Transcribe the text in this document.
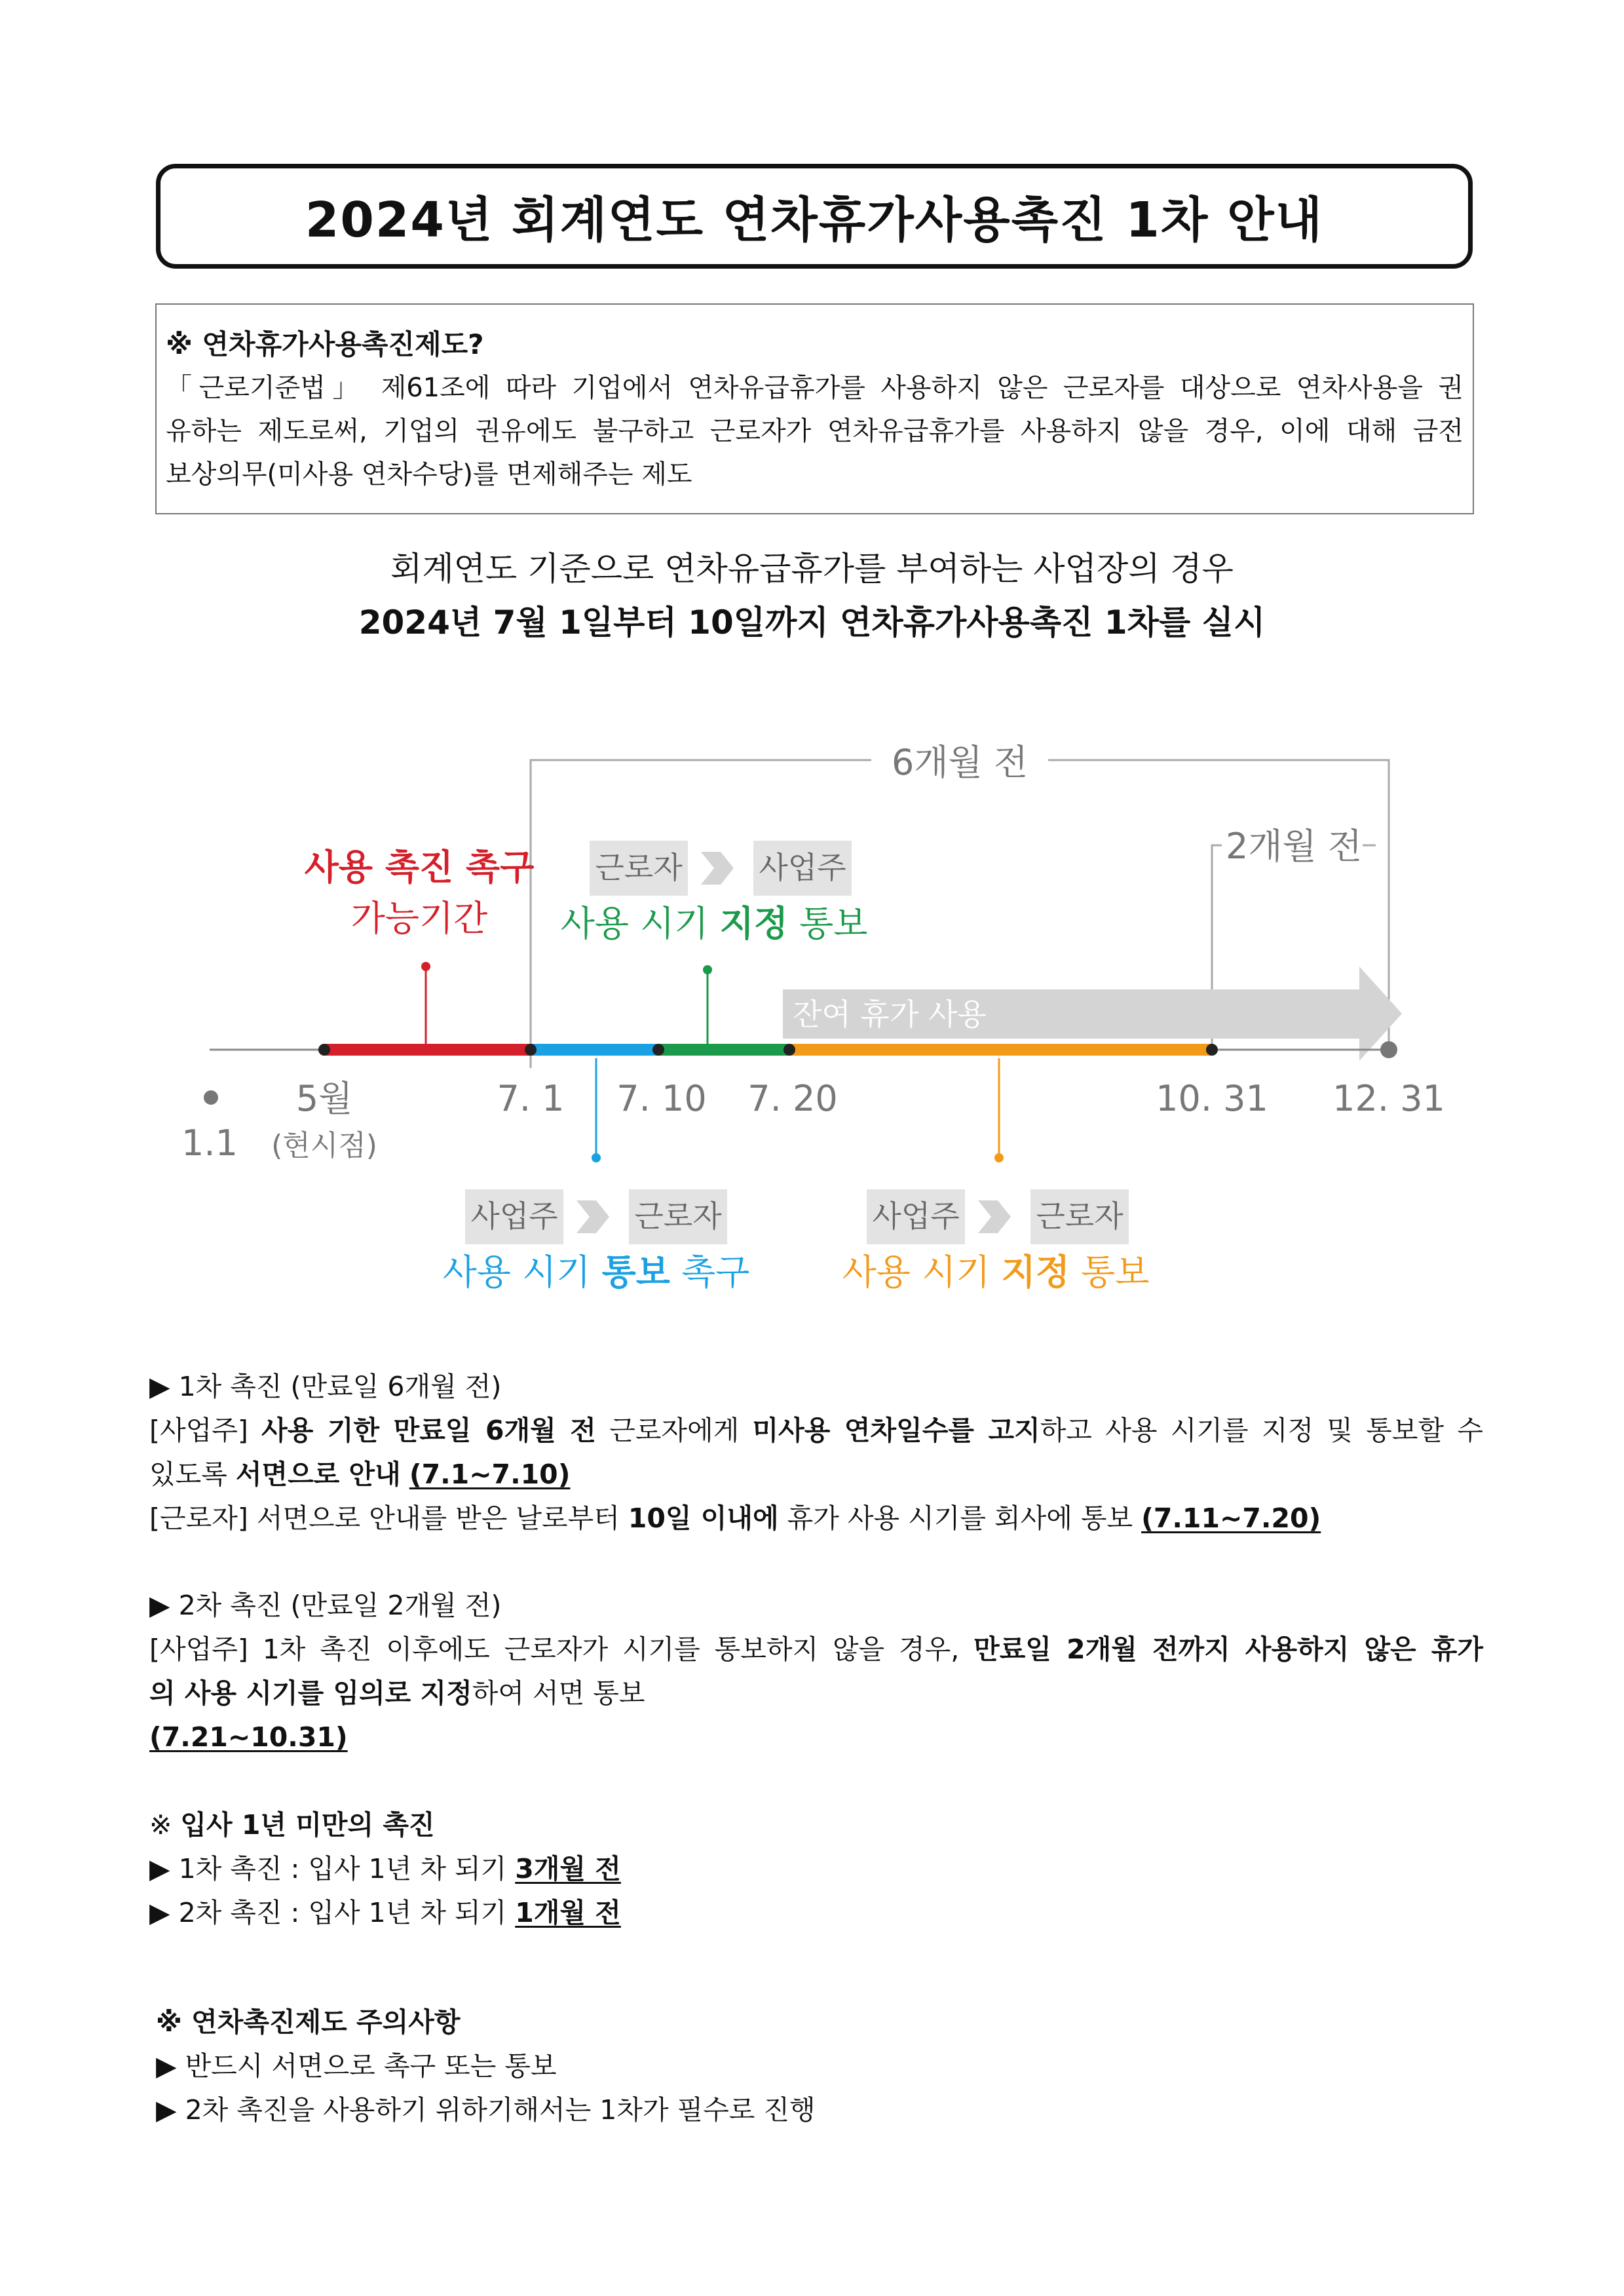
2024년 회계연도 연차휴가사용촉진 1차 안내
※ 연차휴가사용촉진제도?
「근로기준법」 제61조에 따라 기업에서 연차유급휴가를 사용하지 않은 근로자를 대상으로 연차사용을 권
유하는 제도로써, 기업의 권유에도 불구하고 근로자가 연차유급휴가를 사용하지 않을 경우, 이에 대해 금전
보상의무(미사용 연차수당)를 면제해주는 제도
회계연도 기준으로 연차유급휴가를 부여하는 사업장의 경우
2024년 7월 1일부터 10일까지 연차휴가사용촉진 1차를 실시
6개월 전
2개월 전
사용 촉진 촉구
가능기간
근로자	사업주
사용 시기 지정 통보
잔여 휴가 사용
1.1
5월
(현시점)
7. 1 7. 10 7. 20	10. 31 12. 31
사업주	근로자
사용 시기 통보 촉구
사업주	근로자
사용 시기 지정 통보
▶ 1차 촉진 (만료일 6개월 전)
[사업주] 사용 기한 만료일 6개월 전 근로자에게 미사용 연차일수를 고지하고 사용 시기를 지정 및 통보할 수
있도록 서면으로 안내 (7.1~7.10)
[근로자] 서면으로 안내를 받은 날로부터 10일 이내에 휴가 사용 시기를 회사에 통보 (7.11~7.20)
▶ 2차 촉진 (만료일 2개월 전)
[사업주] 1차 촉진 이후에도 근로자가 시기를 통보하지 않을 경우, 만료일 2개월 전까지 사용하지 않은 휴가
의 사용 시기를 임의로 지정하여 서면 통보
(7.21~10.31)
※ 입사 1년 미만의 촉진
▶ 1차 촉진 : 입사 1년 차 되기 3개월 전
▶ 2차 촉진 : 입사 1년 차 되기 1개월 전
※ 연차촉진제도 주의사항
▶ 반드시 서면으로 촉구 또는 통보
▶ 2차 촉진을 사용하기 위하기해서는 1차가 필수로 진행
